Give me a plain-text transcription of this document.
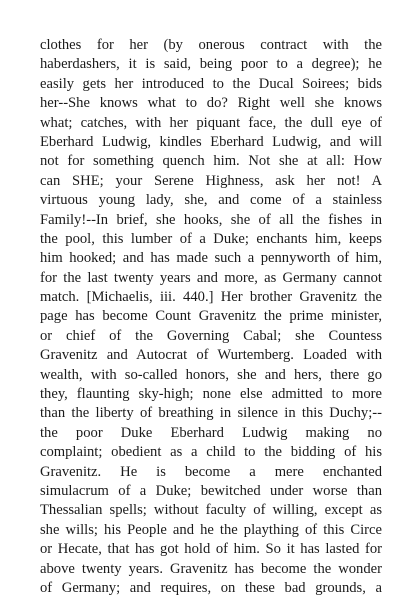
clothes for her (by onerous contract with the
haberdashers, it is said, being poor to a degree); he
easily gets her introduced to the Ducal Soirees; bids
her--She knows what to do? Right well she knows
what; catches, with her piquant face, the dull eye of
Eberhard Ludwig, kindles Eberhard Ludwig, and will
not for something quench him. Not she at all: How
can SHE; your Serene Highness, ask her not! A
virtuous young lady, she, and come of a stainless
Family!--In brief, she hooks, she of all the fishes in
the pool, this lumber of a Duke; enchants him, keeps
him hooked; and has made such a pennyworth of him,
for the last twenty years and more, as Germany cannot
match. [Michaelis, iii. 440.] Her brother Gravenitz the
page has become Count Gravenitz the prime minister,
or chief of the Governing Cabal; she Countess
Gravenitz and Autocrat of Wurtemberg. Loaded with
wealth, with so-called honors, she and hers, there go
they, flaunting sky-high; none else admitted to more
than the liberty of breathing in silence in this Duchy;--
the poor Duke Eberhard Ludwig making no
complaint; obedient as a child to the bidding of his
Gravenitz. He is become a mere enchanted
simulacrum of a Duke; bewitched under worse than
Thessalian spells; without faculty of willing, except as
she wills; his People and he the plaything of this Circe
or Hecate, that has got hold of him. So it has lasted for
above twenty years. Gravenitz has become the wonder
of Germany; and requires, on these bad grounds, a
